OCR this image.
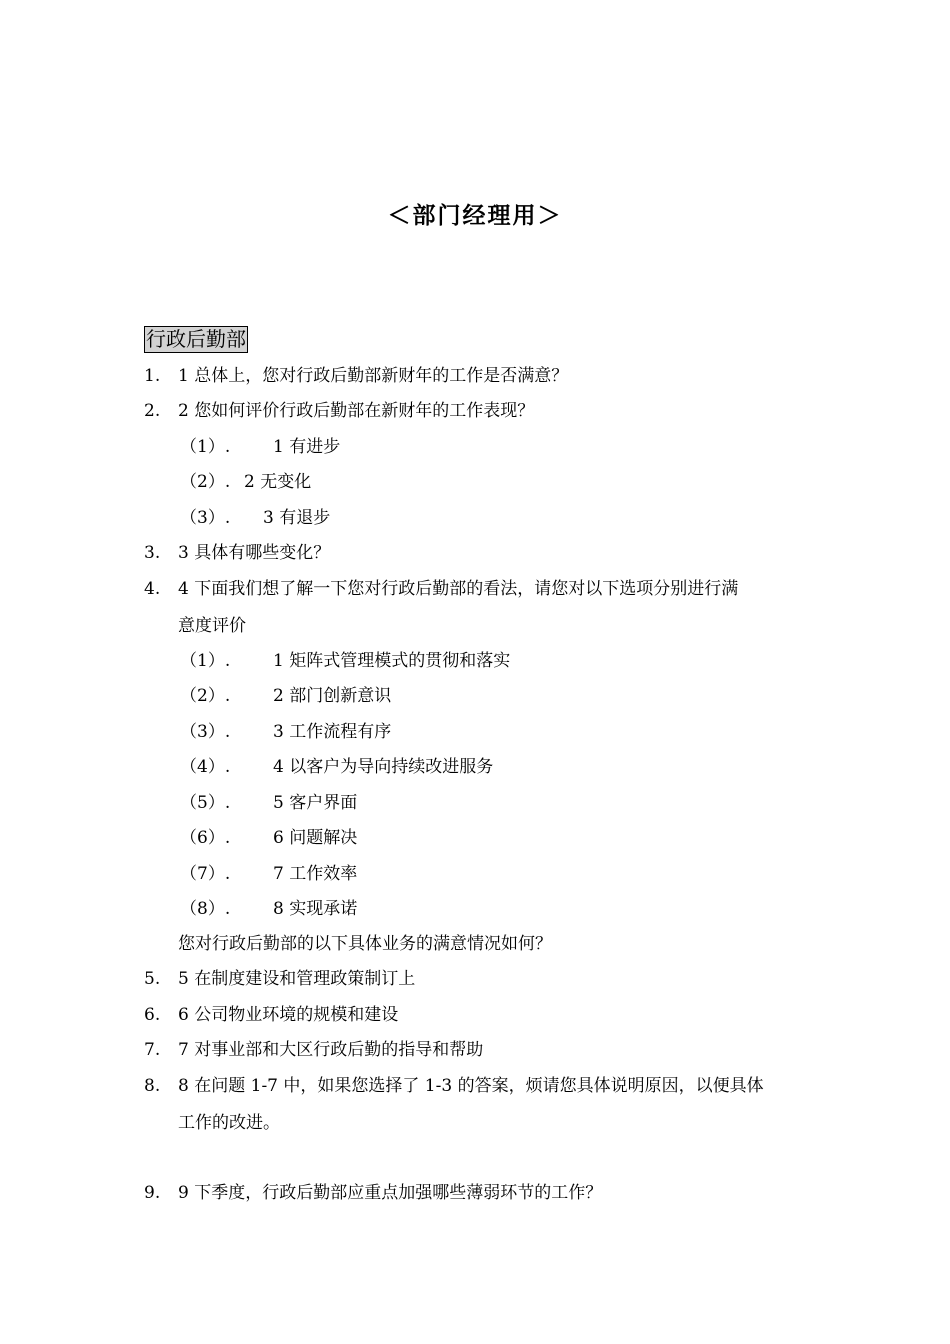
＜部门经理用＞
行政后勤部
1. 1 总体上，您对行政后勤部新财年的工作是否满意？
2. 2 您如何评价行政后勤部在新财年的工作表现？
（1）.	1 有进步
（2）. 2 无变化
（3）. 3 有退步
3. 3 具体有哪些变化？
4. 4 下面我们想了解一下您对行政后勤部的看法，请您对以下选项分别进行满
意度评价
（1）.	1 矩阵式管理模式的贯彻和落实
（2）.	2 部门创新意识
（3）.	3 工作流程有序
（4）.	4 以客户为导向持续改进服务
（5）.	5 客户界面
（6）.	6 问题解决
（7）.	7 工作效率
（8）.	8 实现承诺
您对行政后勤部的以下具体业务的满意情况如何？
5. 5 在制度建设和管理政策制订上
6. 6 公司物业环境的规模和建设
7. 7 对事业部和大区行政后勤的指导和帮助
8. 8 在问题 1-7 中，如果您选择了 1-3 的答案，烦请您具体说明原因，以便具体
工作的改进。
9. 9 下季度，行政后勤部应重点加强哪些薄弱环节的工作？
